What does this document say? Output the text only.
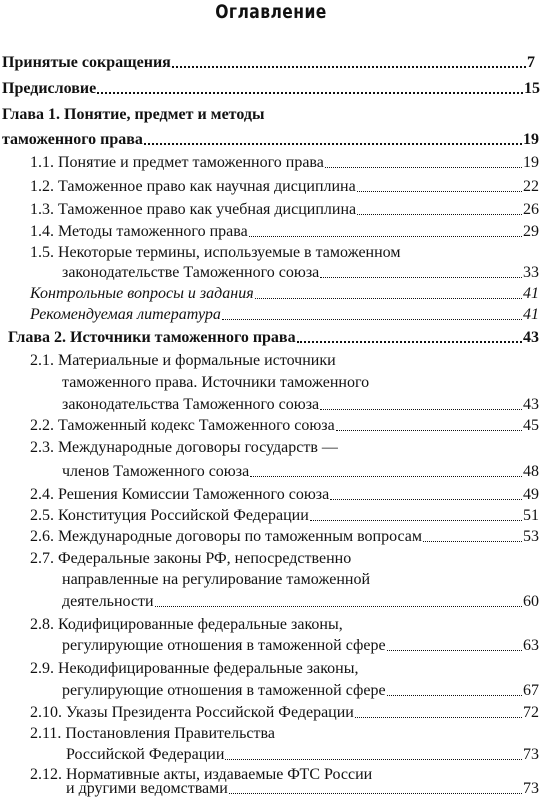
Оглавление
Принятые сокращения	7
Предисловие	15
Глава 1. Понятие, предмет и методы
таможенного права	19
1.1. Понятие и предмет таможенного права	19
1.2. Таможенное право как научная дисциплина	22
1.3. Таможенное право как учебная дисциплина	26
1.4. Методы таможенного права	29
1.5. Некоторые термины, используемые в таможенном
законодательстве Таможенного союза	33
Контрольные вопросы и задания	41
Рекомендуемая литература	41
Глава 2. Источники таможенного права	43
2.1. Материальные и формальные источники
таможенного права. Источники таможенного
законодательства Таможенного союза	43
2.2. Таможенный кодекс Таможенного союза	45
2.3. Международные договоры государств —
членов Таможенного союза	48
2.4. Решения Комиссии Таможенного союза	49
2.5. Конституция Российской Федерации	51
2.6. Международные договоры по таможенным вопросам	53
2.7. Федеральные законы РФ, непосредственно
направленные на регулирование таможенной
деятельности	60
2.8. Кодифицированные федеральные законы,
регулирующие отношения в таможенной сфере	63
2.9. Некодифицированные федеральные законы,
регулирующие отношения в таможенной сфере	67
2.10. Указы Президента Российской Федерации	72
2.11. Постановления Правительства
Российской Федерации	73
2.12. Нормативные акты, издаваемые ФТС России
и другими ведомствами	73
